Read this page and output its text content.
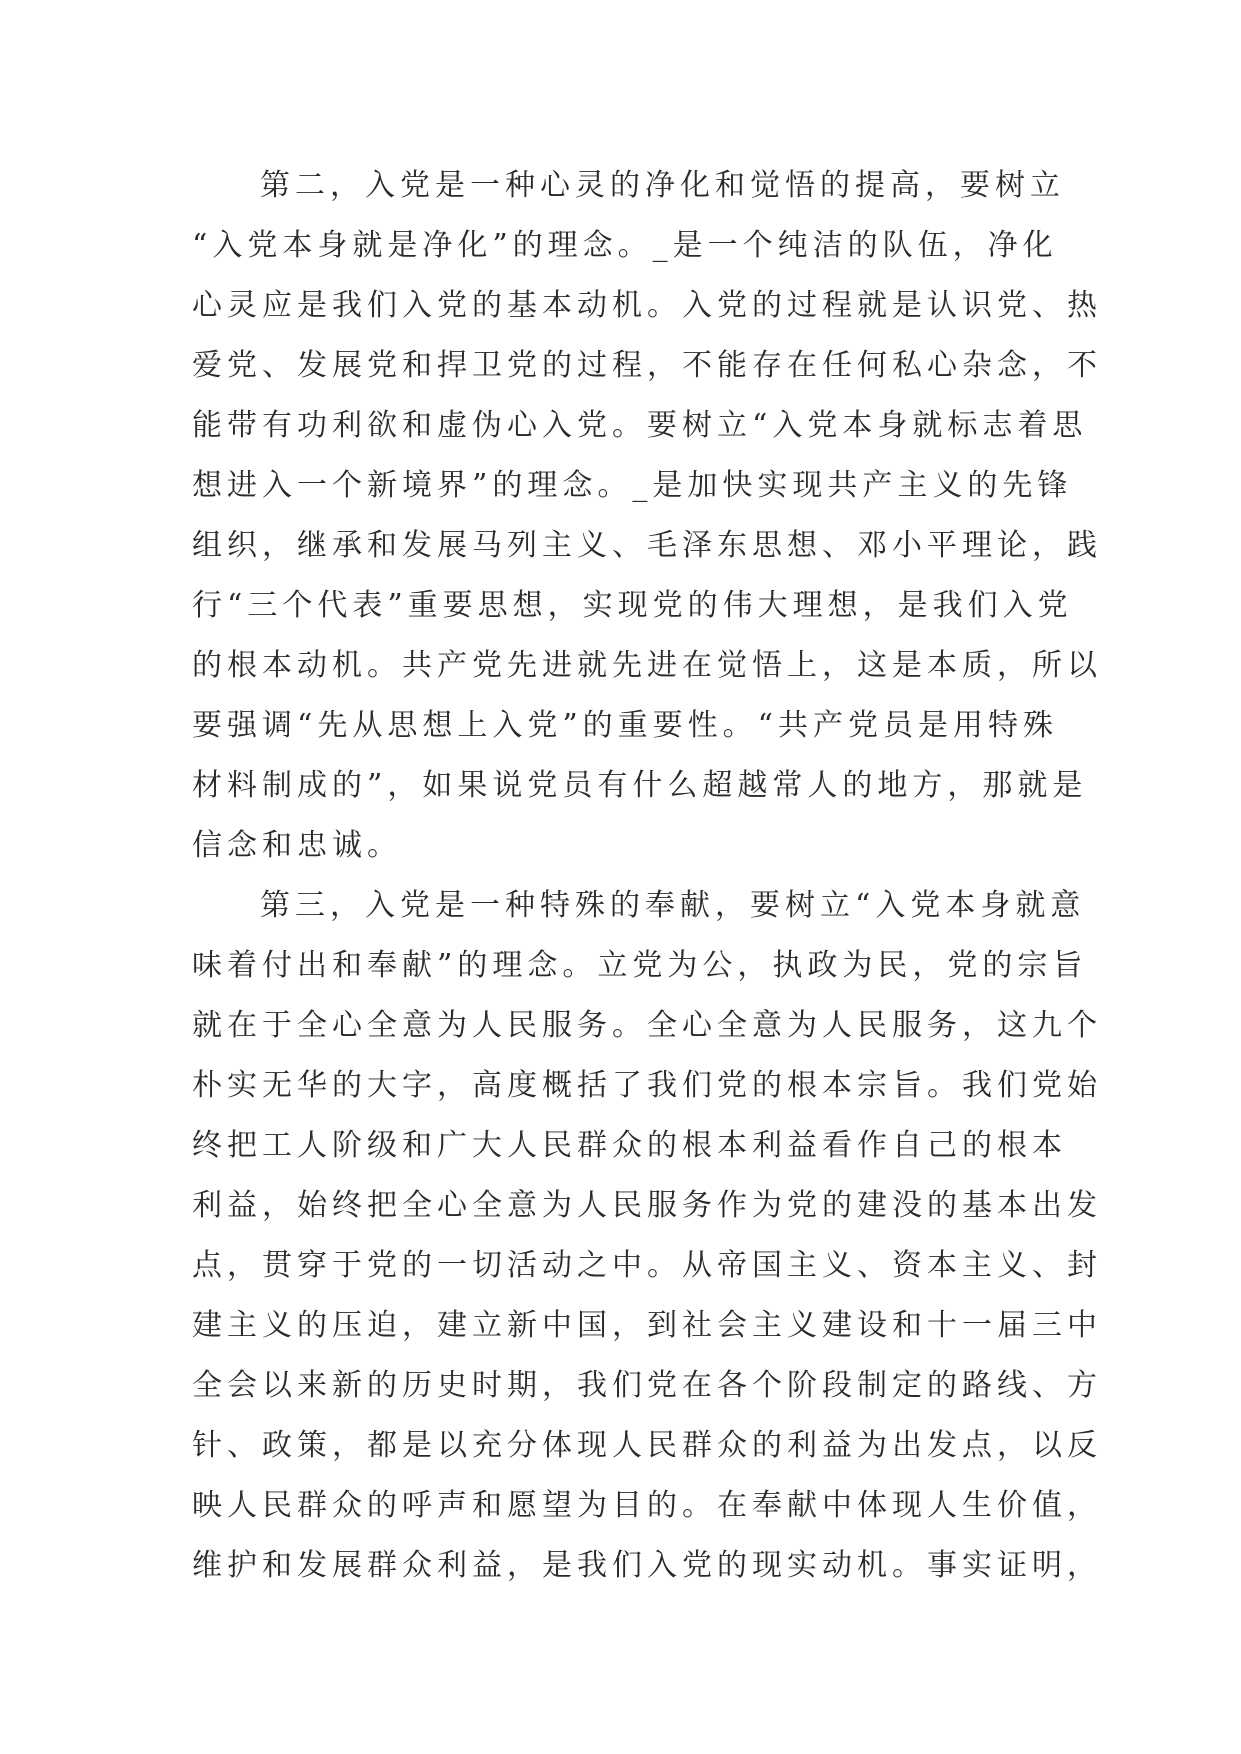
第二，入党是一种心灵的净化和觉悟的提高，要树立
“入党本身就是净化”的理念。_是一个纯洁的队伍，净化
心灵应是我们入党的基本动机。入党的过程就是认识党、热
爱党、发展党和捍卫党的过程，不能存在任何私心杂念，不
能带有功利欲和虚伪心入党。要树立“入党本身就标志着思
想进入一个新境界”的理念。_是加快实现共产主义的先锋
组织，继承和发展马列主义、毛泽东思想、邓小平理论，践
行“三个代表”重要思想，实现党的伟大理想，是我们入党
的根本动机。共产党先进就先进在觉悟上，这是本质，所以
要强调“先从思想上入党”的重要性。“共产党员是用特殊
材料制成的”，如果说党员有什么超越常人的地方，那就是
信念和忠诚。
第三，入党是一种特殊的奉献，要树立“入党本身就意
味着付出和奉献”的理念。立党为公，执政为民，党的宗旨
就在于全心全意为人民服务。全心全意为人民服务，这九个
朴实无华的大字，高度概括了我们党的根本宗旨。我们党始
终把工人阶级和广大人民群众的根本利益看作自己的根本
利益，始终把全心全意为人民服务作为党的建没的基本出发
点，贯穿于党的一切活动之中。从帝国主义、资本主义、封
建主义的压迫，建立新中国，到社会主义建设和十一届三中
全会以来新的历史时期，我们党在各个阶段制定的路线、方
针、政策，都是以充分体现人民群众的利益为出发点，以反
映人民群众的呼声和愿望为目的。在奉献中体现人生价值，
维护和发展群众利益，是我们入党的现实动机。事实证明，
